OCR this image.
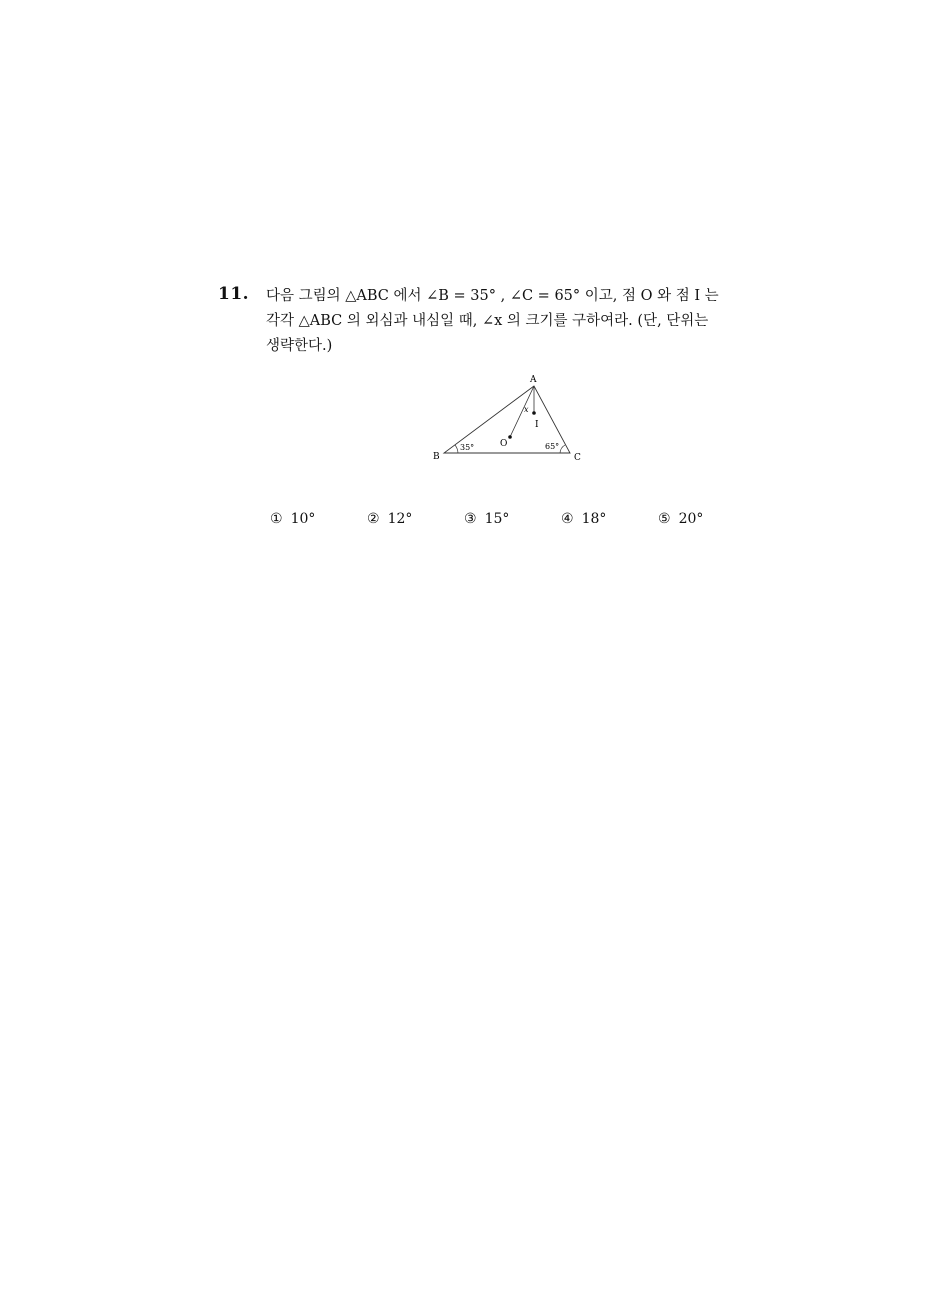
11. 다음 그림의 △ABC 에서 ∠B = 35° , ∠C = 65° 이고, 점 O 와 점 I 는
각각 △ABC 의 외심과 내심일 때, ∠x 의 크기를 구하여라. (단, 단위는
생략한다.)
A
B	C
O
I
x
35°	65°
① 10°	② 12°	③ 15°	④ 18°	⑤ 20°
